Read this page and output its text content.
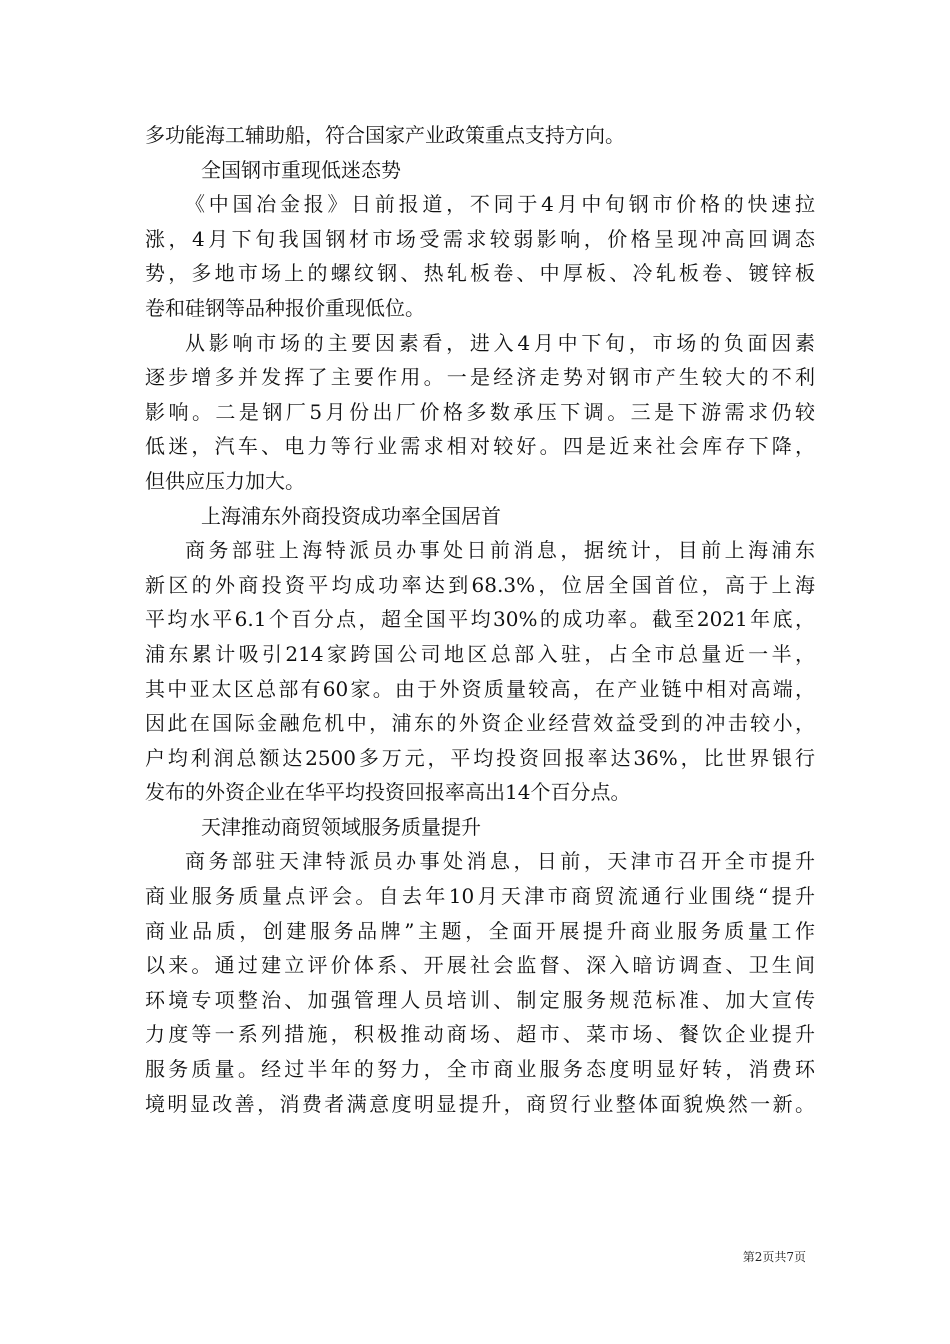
多功能海工辅助船，符合国家产业政策重点支持方向。
全国钢市重现低迷态势
《中国冶金报》日前报道，不同于4月中旬钢市价格的快速拉
涨，4月下旬我国钢材市场受需求较弱影响，价格呈现冲高回调态
势，多地市场上的螺纹钢、热轧板卷、中厚板、冷轧板卷、镀锌板
卷和硅钢等品种报价重现低位。
从影响市场的主要因素看，进入4月中下旬，市场的负面因素
逐步增多并发挥了主要作用。一是经济走势对钢市产生较大的不利
影响。二是钢厂5月份出厂价格多数承压下调。三是下游需求仍较
低迷，汽车、电力等行业需求相对较好。四是近来社会库存下降，
但供应压力加大。
上海浦东外商投资成功率全国居首
商务部驻上海特派员办事处日前消息，据统计，目前上海浦东
新区的外商投资平均成功率达到68.3%，位居全国首位，高于上海
平均水平6.1个百分点，超全国平均30%的成功率。截至2021年底，
浦东累计吸引214家跨国公司地区总部入驻，占全市总量近一半，
其中亚太区总部有60家。由于外资质量较高，在产业链中相对高端，
因此在国际金融危机中，浦东的外资企业经营效益受到的冲击较小，
户均利润总额达2500多万元，平均投资回报率达36%，比世界银行
发布的外资企业在华平均投资回报率高出14个百分点。
天津推动商贸领域服务质量提升
商务部驻天津特派员办事处消息，日前，天津市召开全市提升
商业服务质量点评会。自去年10月天津市商贸流通行业围绕“提升
商业品质，创建服务品牌”主题，全面开展提升商业服务质量工作
以来。通过建立评价体系、开展社会监督、深入暗访调查、卫生间
环境专项整治、加强管理人员培训、制定服务规范标准、加大宣传
力度等一系列措施，积极推动商场、超市、菜市场、餐饮企业提升
服务质量。经过半年的努力，全市商业服务态度明显好转，消费环
境明显改善，消费者满意度明显提升，商贸行业整体面貌焕然一新。
第2页共7页
